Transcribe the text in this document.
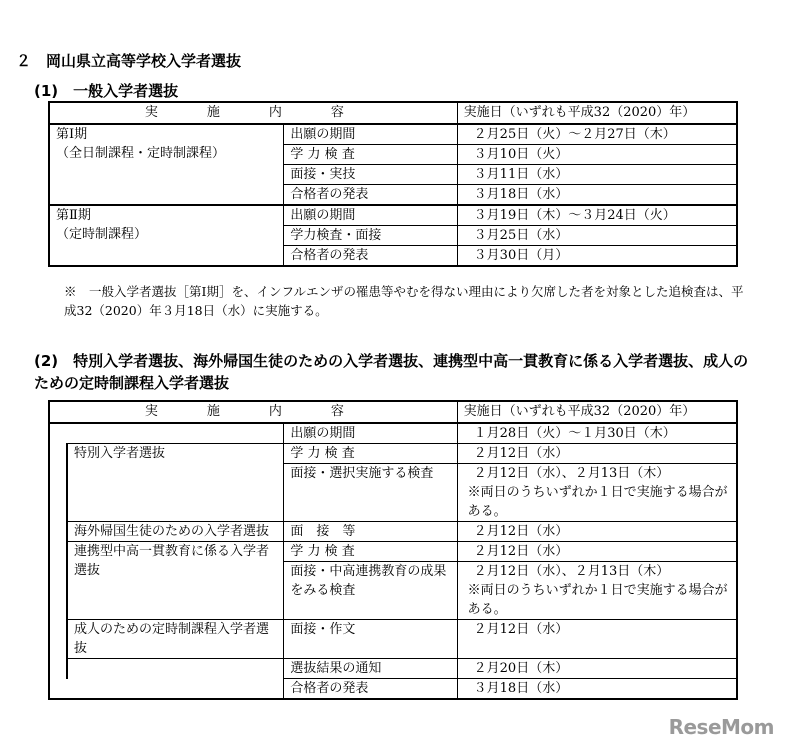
２　岡山県立高等学校入学者選抜
(1)　一般入学者選抜
実　施　内　容		実施日（いずれも平成32（2020）年）

第Ⅰ期
（全日制課程・定時制課程）	出願の期間	２月25日（火）～２月27日（木）
	学 力 検 査	３月10日（火）
	面接・実技	３月11日（水）
	合格者の発表	３月18日（水）

第Ⅱ期
（定時制課程）	出願の期間	３月19日（木）～３月24日（火）
	学力検査・面接	３月25日（水）
	合格者の発表	３月30日（月）
※　一般入学者選抜［第Ⅰ期］を、インフルエンザの罹患等やむを得ない理由により欠席した者を対象とした追検査は、平成32（2020）年３月18日（水）に実施する。
(2)　特別入学者選抜、海外帰国生徒のための入学者選抜、連携型中高一貫教育に係る入学者選抜、成人のための定時制課程入学者選抜
実　施　内　容			実施日（いずれも平成32（2020）年）
		出願の期間	１月28日（火）～１月30日（木）
	特別入学者選抜	学 力 検 査	２月12日（水）
		面接・選択実施する検査	２月12日（水）、２月13日（木）
			※両日のうちいずれか１日で実施する場合がある。

	海外帰国生徒のための入学者選抜	面　接　等	２月12日（水）

	連携型中高一貫教育に係る入学者選抜	学 力 検 査	２月12日（水）
		面接・中高連携教育の成果をみる検査	２月12日（水）、２月13日（木）
			※両日のうちいずれか１日で実施する場合がある。

	成人のための定時制課程入学者選抜	面接・作文	２月12日（水）

		選抜結果の通知	２月20日（木）
		合格者の発表	３月18日（水）
ReseMom
